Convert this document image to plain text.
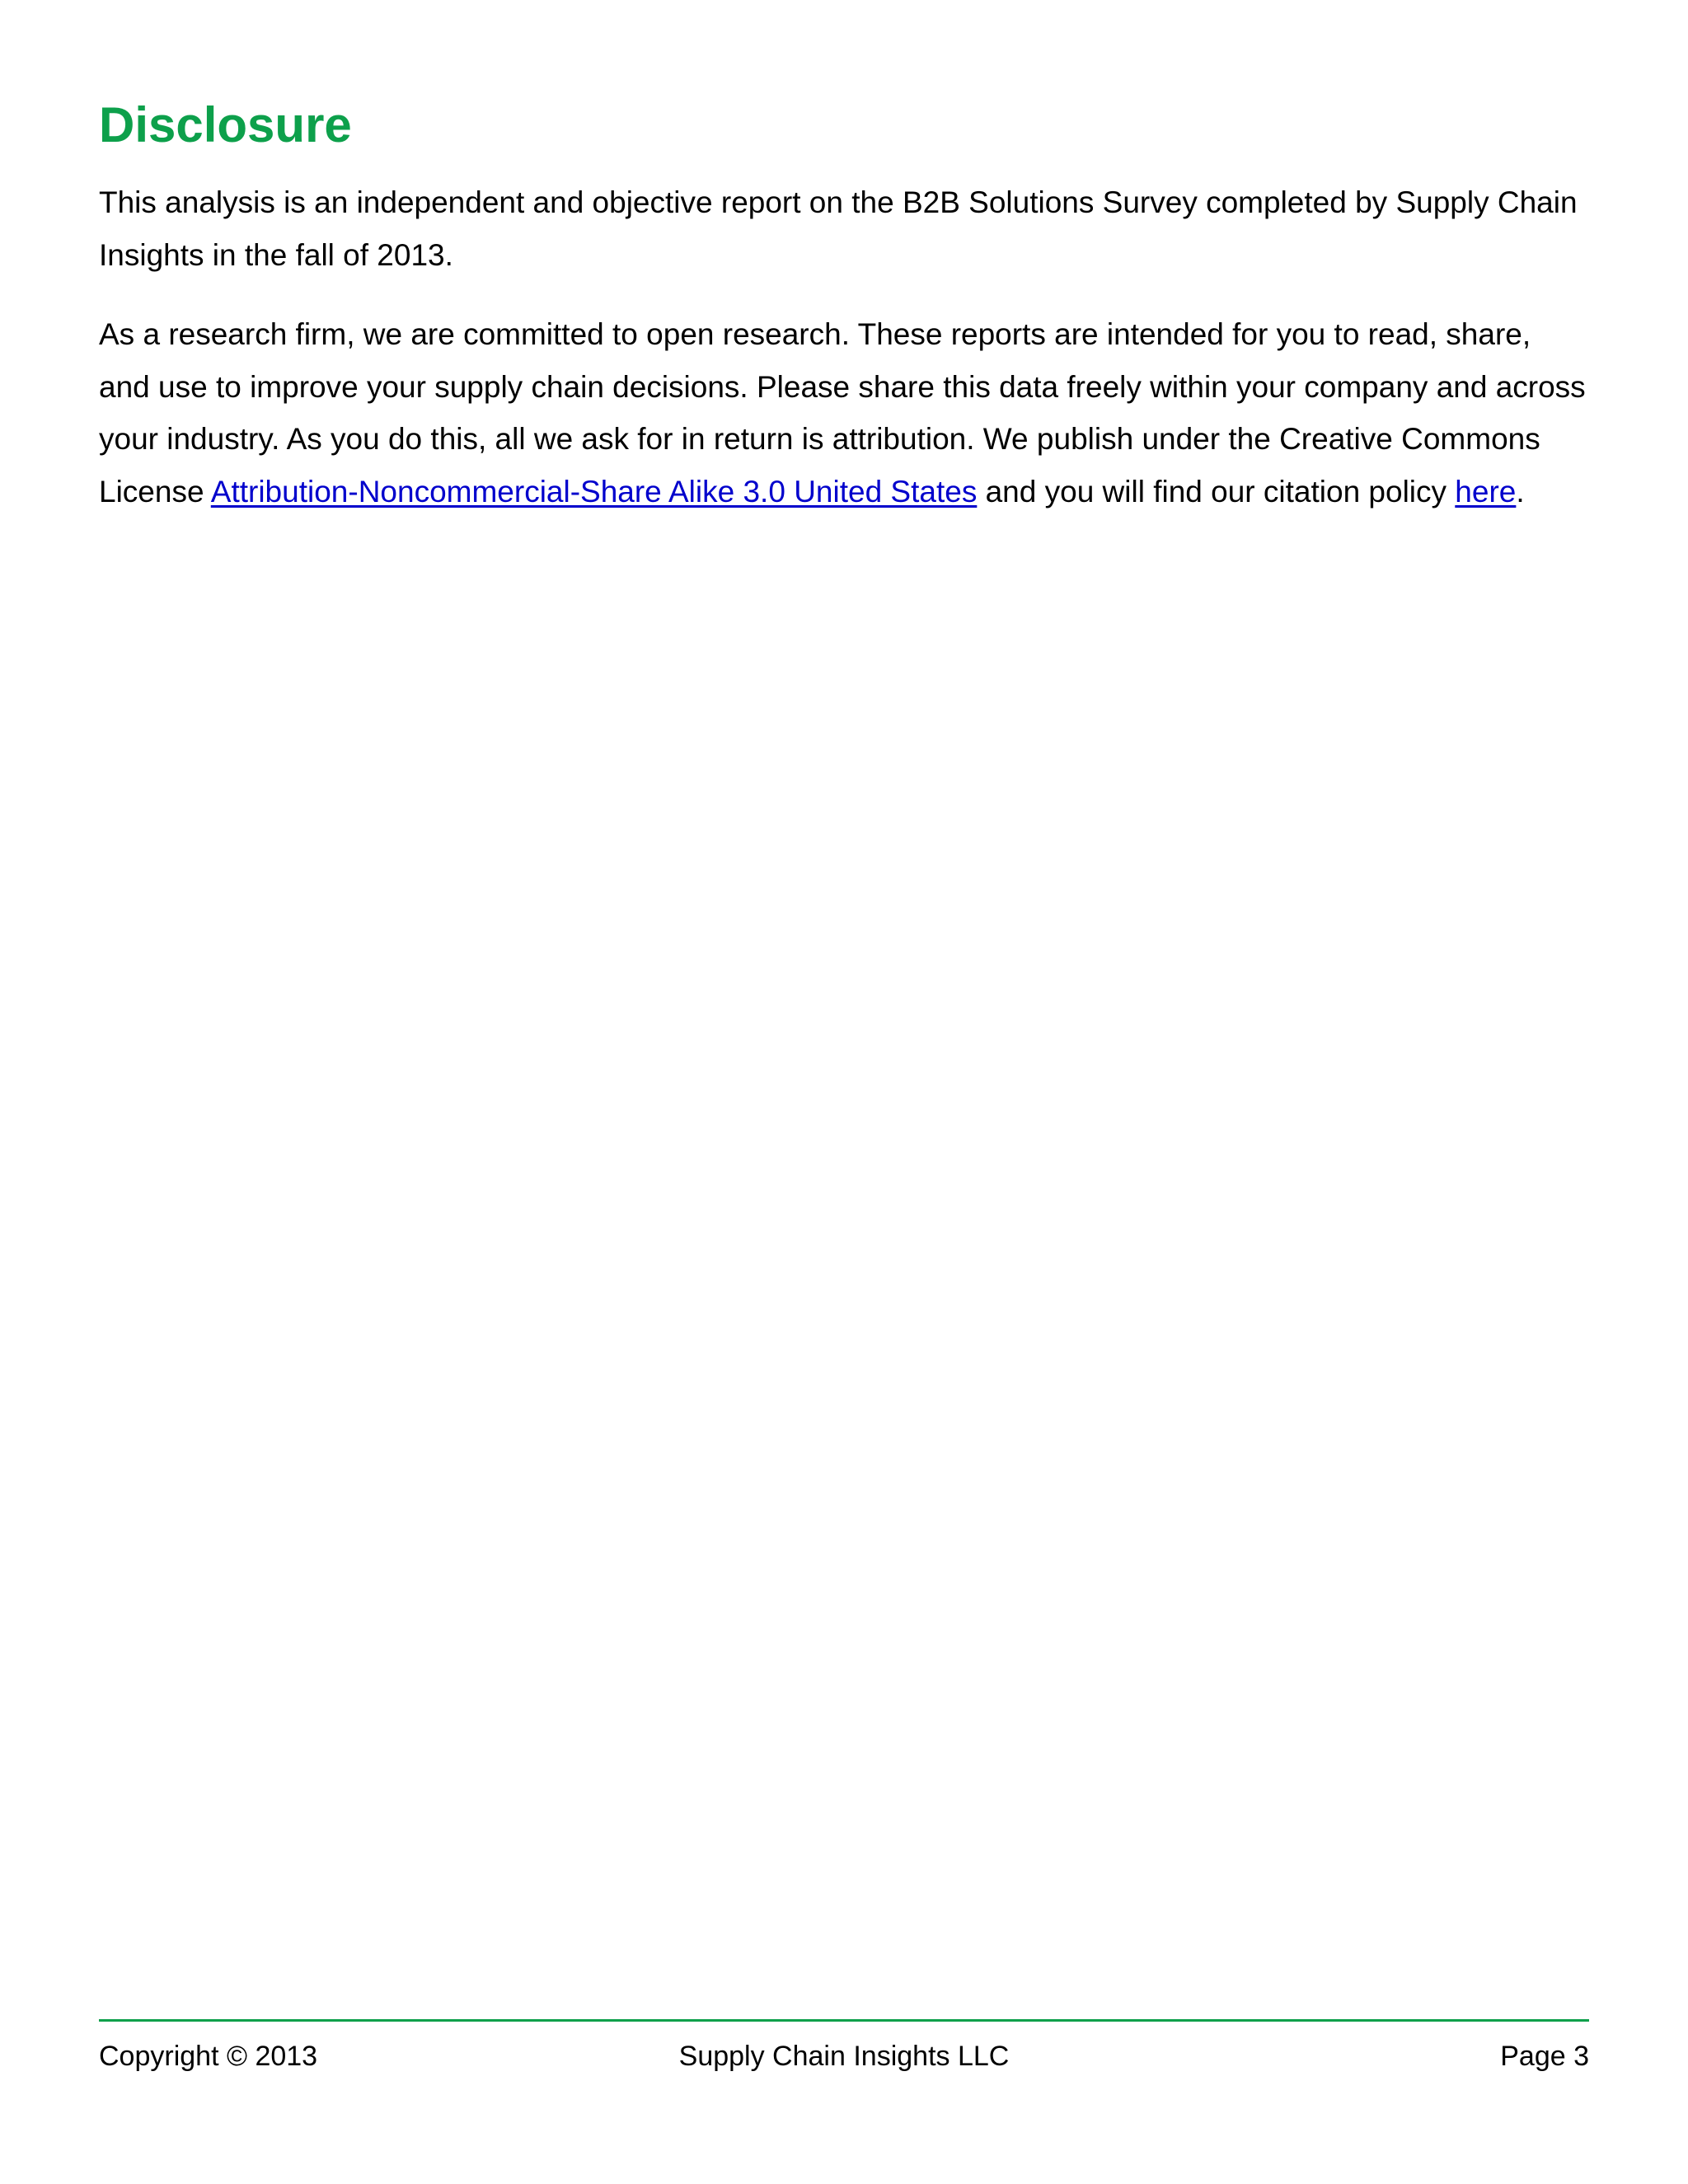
Disclosure

This analysis is an independent and objective report on the B2B Solutions Survey completed by Supply Chain Insights in the fall of 2013.

As a research firm, we are committed to open research. These reports are intended for you to read, share, and use to improve your supply chain decisions. Please share this data freely within your company and across your industry. As you do this, all we ask for in return is attribution. We publish under the Creative Commons License Attribution-Noncommercial-Share Alike 3.0 United States and you will find our citation policy here.

Copyright © 2013	Supply Chain Insights LLC	Page 3
